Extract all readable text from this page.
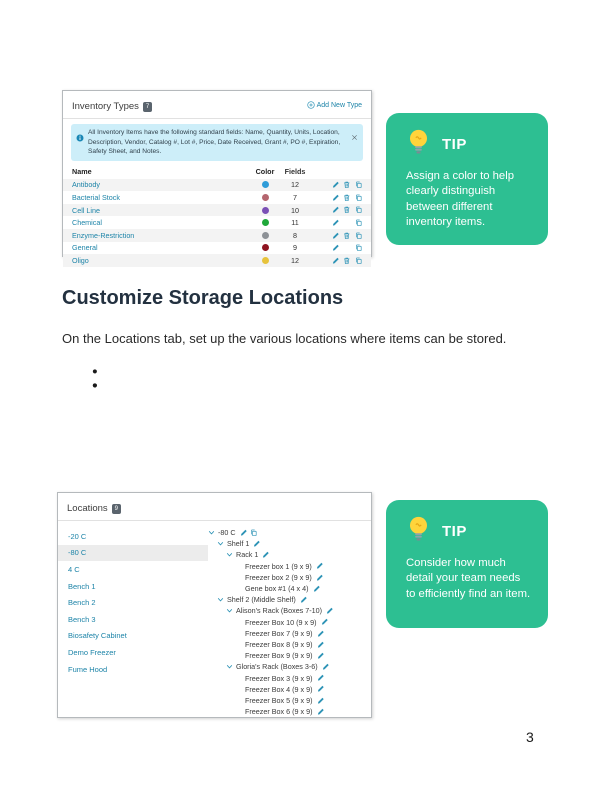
Inventory Types 7	Add New Type
All Inventory Items have the following standard fields: Name, Quantity, Units, Location, Description, Vendor, Catalog #, Lot #, Price, Date Received, Grant #, PO #, Expiration, Safety Sheet, and Notes.
Name	Color	Fields
Antibody	12
Bacterial Stock	7
Cell Line	10
Chemical	11
Enzyme-Restriction	8
General	9
Oligo	12
TIP
Assign a color to help clearly distinguish between different inventory items.
Customize Storage Locations

On the Locations tab, set up the various locations where items can be stored.

Locations 9
-20 C
-80 C
4 C
Bench 1
Bench 2
Bench 3
Biosafety Cabinet
Demo Freezer
Fume Hood
-80 C
Shelf 1
Rack 1
Freezer box 1 (9 x 9)
Freezer box 2 (9 x 9)
Gene box #1 (4 x 4)
Shelf 2 (Middle Shelf)
Alison's Rack (Boxes 7-10)
Freezer Box 10 (9 x 9)
Freezer Box 7 (9 x 9)
Freezer Box 8 (9 x 9)
Freezer Box 9 (9 x 9)
Gloria's Rack (Boxes 3-6)
Freezer Box 3 (9 x 9)
Freezer Box 4 (9 x 9)
Freezer Box 5 (9 x 9)
Freezer Box 6 (9 x 9)
TIP
Consider how much detail your team needs to efficiently find an item.
3
